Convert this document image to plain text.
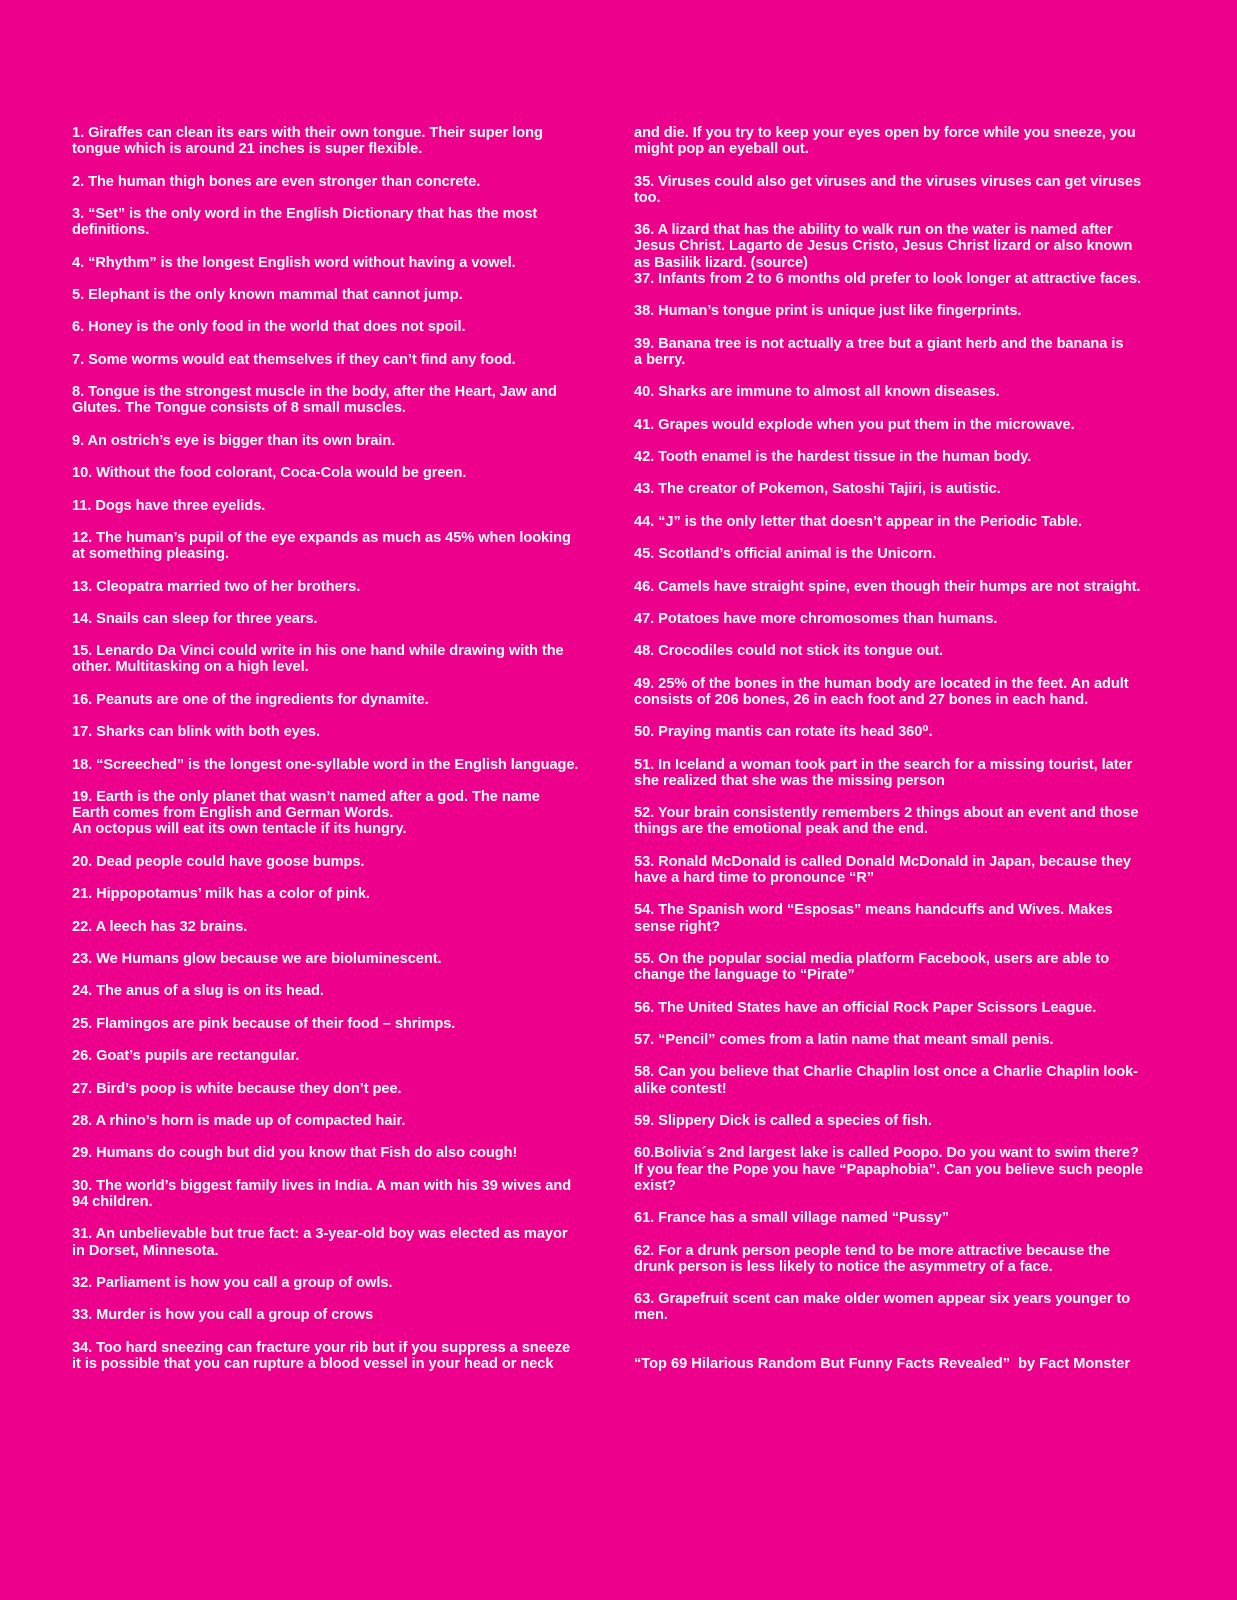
1. Giraffes can clean its ears with their own tongue. Their super long
tongue which is around 21 inches is super flexible.

2. The human thigh bones are even stronger than concrete.

3. “Set” is the only word in the English Dictionary that has the most
definitions.

4. “Rhythm” is the longest English word without having a vowel.

5. Elephant is the only known mammal that cannot jump.

6. Honey is the only food in the world that does not spoil.

7. Some worms would eat themselves if they can’t find any food.

8. Tongue is the strongest muscle in the body, after the Heart, Jaw and
Glutes. The Tongue consists of 8 small muscles.

9. An ostrich’s eye is bigger than its own brain.

10. Without the food colorant, Coca-Cola would be green.

11. Dogs have three eyelids.

12. The human’s pupil of the eye expands as much as 45% when looking
at something pleasing.

13. Cleopatra married two of her brothers.

14. Snails can sleep for three years.

15. Lenardo Da Vinci could write in his one hand while drawing with the
other. Multitasking on a high level.

16. Peanuts are one of the ingredients for dynamite.

17. Sharks can blink with both eyes.

18. “Screeched” is the longest one-syllable word in the English language.

19. Earth is the only planet that wasn’t named after a god. The name
Earth comes from English and German Words.
An octopus will eat its own tentacle if its hungry.

20. Dead people could have goose bumps.

21. Hippopotamus’ milk has a color of pink.

22. A leech has 32 brains.

23. We Humans glow because we are bioluminescent.

24. The anus of a slug is on its head.

25. Flamingos are pink because of their food – shrimps.

26. Goat’s pupils are rectangular.

27. Bird’s poop is white because they don’t pee.

28. A rhino’s horn is made up of compacted hair.

29. Humans do cough but did you know that Fish do also cough!

30. The world’s biggest family lives in India. A man with his 39 wives and
94 children.

31. An unbelievable but true fact: a 3-year-old boy was elected as mayor
in Dorset, Minnesota.

32. Parliament is how you call a group of owls.

33. Murder is how you call a group of crows

34. Too hard sneezing can fracture your rib but if you suppress a sneeze
it is possible that you can rupture a blood vessel in your head or neck

and die. If you try to keep your eyes open by force while you sneeze, you
might pop an eyeball out.

35. Viruses could also get viruses and the viruses viruses can get viruses
too.

36. A lizard that has the ability to walk run on the water is named after
Jesus Christ. Lagarto de Jesus Cristo, Jesus Christ lizard or also known
as Basilik lizard. (source)

37. Infants from 2 to 6 months old prefer to look longer at attractive faces.

38. Human’s tongue print is unique just like fingerprints.

39. Banana tree is not actually a tree but a giant herb and the banana is
a berry.

40. Sharks are immune to almost all known diseases.

41. Grapes would explode when you put them in the microwave.

42. Tooth enamel is the hardest tissue in the human body.

43. The creator of Pokemon, Satoshi Tajiri, is autistic.

44. “J” is the only letter that doesn’t appear in the Periodic Table.

45. Scotland’s official animal is the Unicorn.

46. Camels have straight spine, even though their humps are not straight.

47. Potatoes have more chromosomes than humans.

48. Crocodiles could not stick its tongue out.

49. 25% of the bones in the human body are located in the feet. An adult
consists of 206 bones, 26 in each foot and 27 bones in each hand.

50. Praying mantis can rotate its head 360⁰.

51. In Iceland a woman took part in the search for a missing tourist, later
she realized that she was the missing person

52. Your brain consistently remembers 2 things about an event and those
things are the emotional peak and the end.

53. Ronald McDonald is called Donald McDonald in Japan, because they
have a hard time to pronounce “R”

54. The Spanish word “Esposas” means handcuffs and Wives. Makes
sense right?

55. On the popular social media platform Facebook, users are able to
change the language to “Pirate”

56. The United States have an official Rock Paper Scissors League.

57. “Pencil” comes from a latin name that meant small penis.

58. Can you believe that Charlie Chaplin lost once a Charlie Chaplin look-
alike contest!

59. Slippery Dick is called a species of fish.

60.Bolivia´s 2nd largest lake is called Poopo. Do you want to swim there?
If you fear the Pope you have “Papaphobia”. Can you believe such people
exist?

61. France has a small village named “Pussy”

62. For a drunk person people tend to be more attractive because the
drunk person is less likely to notice the asymmetry of a face.

63. Grapefruit scent can make older women appear six years younger to
men.

“Top 69 Hilarious Random But Funny Facts Revealed”  by Fact Monster
